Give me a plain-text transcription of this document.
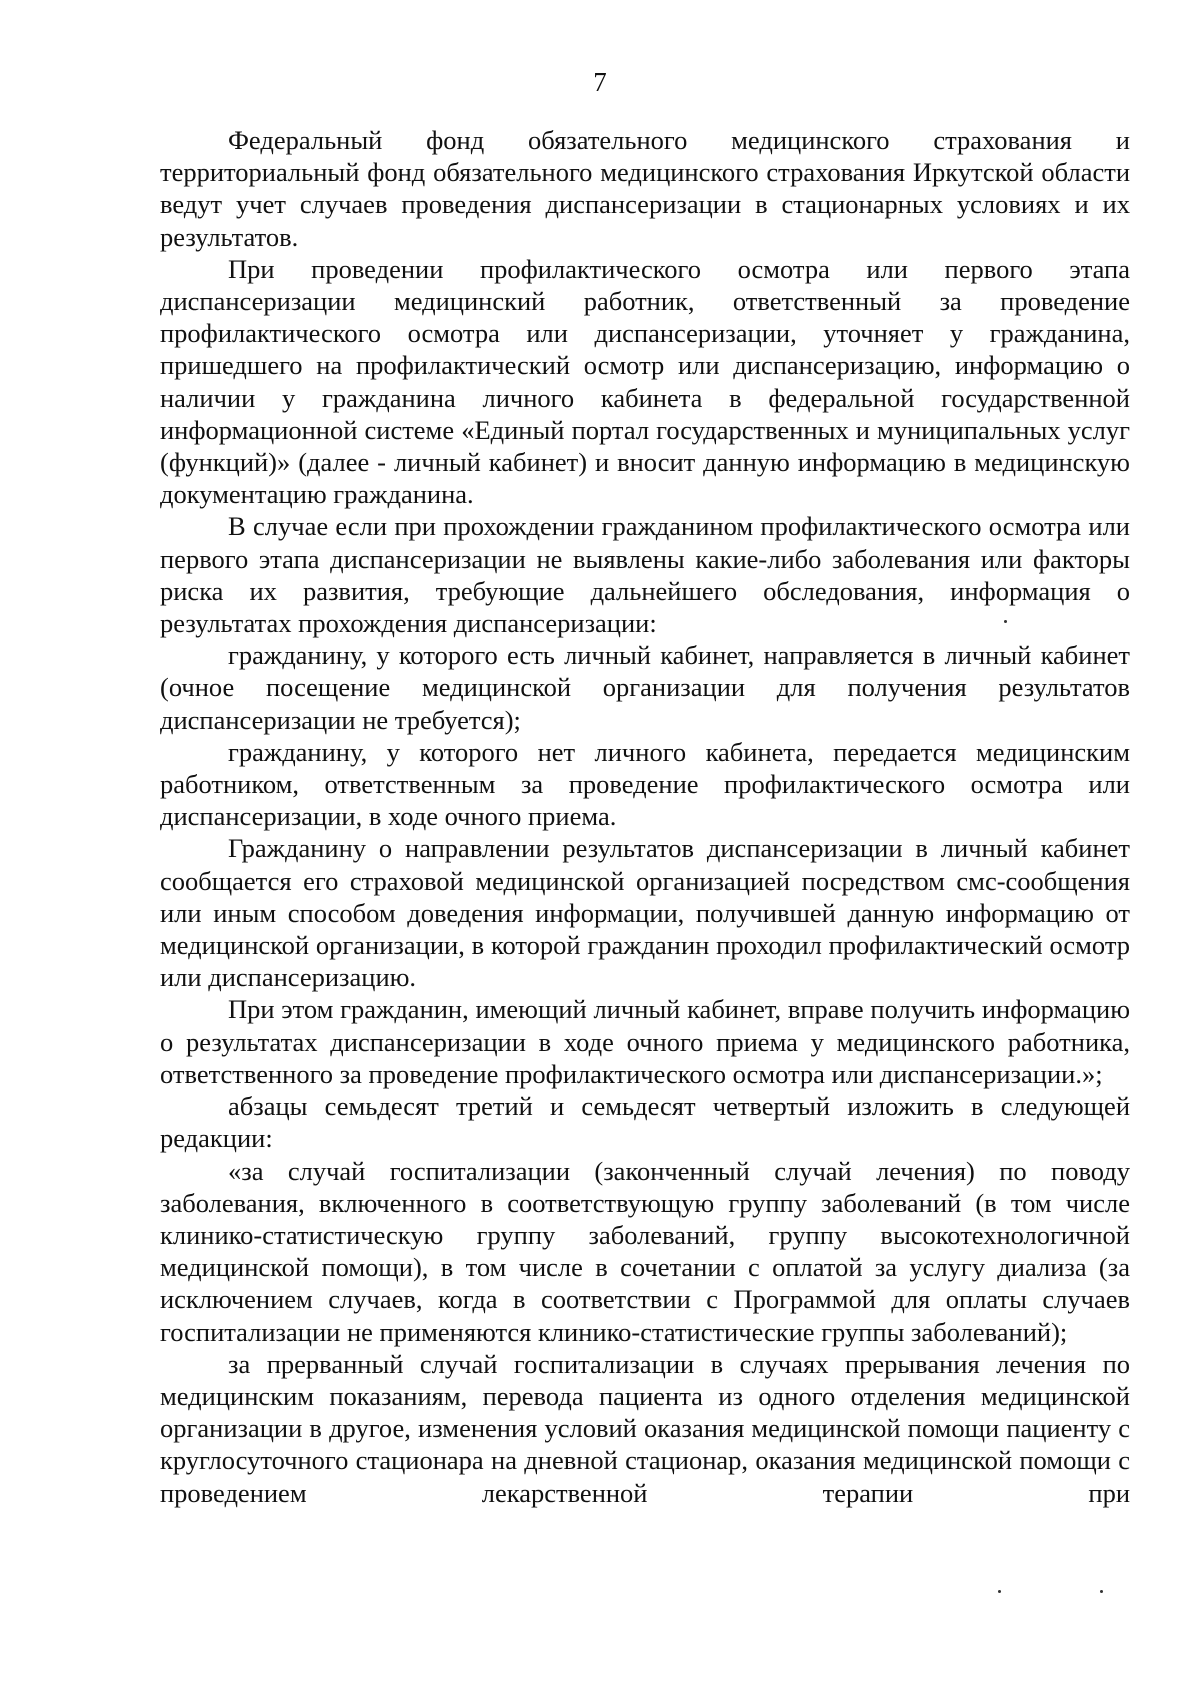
7

Федеральный фонд обязательного медицинского страхования и территориальный фонд обязательного медицинского страхования Иркутской области ведут учет случаев проведения диспансеризации в стационарных условиях и их результатов.

При проведении профилактического осмотра или первого этапа диспансеризации медицинский работник, ответственный за проведение профилактического осмотра или диспансеризации, уточняет у гражданина, пришедшего на профилактический осмотр или диспансеризацию, информацию о наличии у гражданина личного кабинета в федеральной государственной информационной системе «Единый портал государственных и муниципальных услуг (функций)» (далее - личный кабинет) и вносит данную информацию в медицинскую документацию гражданина.

В случае если при прохождении гражданином профилактического осмотра или первого этапа диспансеризации не выявлены какие-либо заболевания или факторы риска их развития, требующие дальнейшего обследования, информация о результатах прохождения диспансеризации:

гражданину, у которого есть личный кабинет, направляется в личный кабинет (очное посещение медицинской организации для получения результатов диспансеризации не требуется);

гражданину, у которого нет личного кабинета, передается медицинским работником, ответственным за проведение профилактического осмотра или диспансеризации, в ходе очного приема.

Гражданину о направлении результатов диспансеризации в личный кабинет сообщается его страховой медицинской организацией посредством смс-сообщения или иным способом доведения информации, получившей данную информацию от медицинской организации, в которой гражданин проходил профилактический осмотр или диспансеризацию.

При этом гражданин, имеющий личный кабинет, вправе получить информацию о результатах диспансеризации в ходе очного приема у медицинского работника, ответственного за проведение профилактического осмотра или диспансеризации.»;

абзацы семьдесят третий и семьдесят четвертый изложить в следующей редакции:

«за случай госпитализации (законченный случай лечения) по поводу заболевания, включенного в соответствующую группу заболеваний (в том числе клинико-статистическую группу заболеваний, группу высокотехнологичной медицинской помощи), в том числе в сочетании с оплатой за услугу диализа (за исключением случаев, когда в соответствии с Программой для оплаты случаев госпитализации не применяются клинико-статистические группы заболеваний);

за прерванный случай госпитализации в случаях прерывания лечения по медицинским показаниям, перевода пациента из одного отделения медицинской организации в другое, изменения условий оказания медицинской помощи пациенту с круглосуточного стационара на дневной стационар, оказания медицинской помощи с проведением лекарственной терапии при
